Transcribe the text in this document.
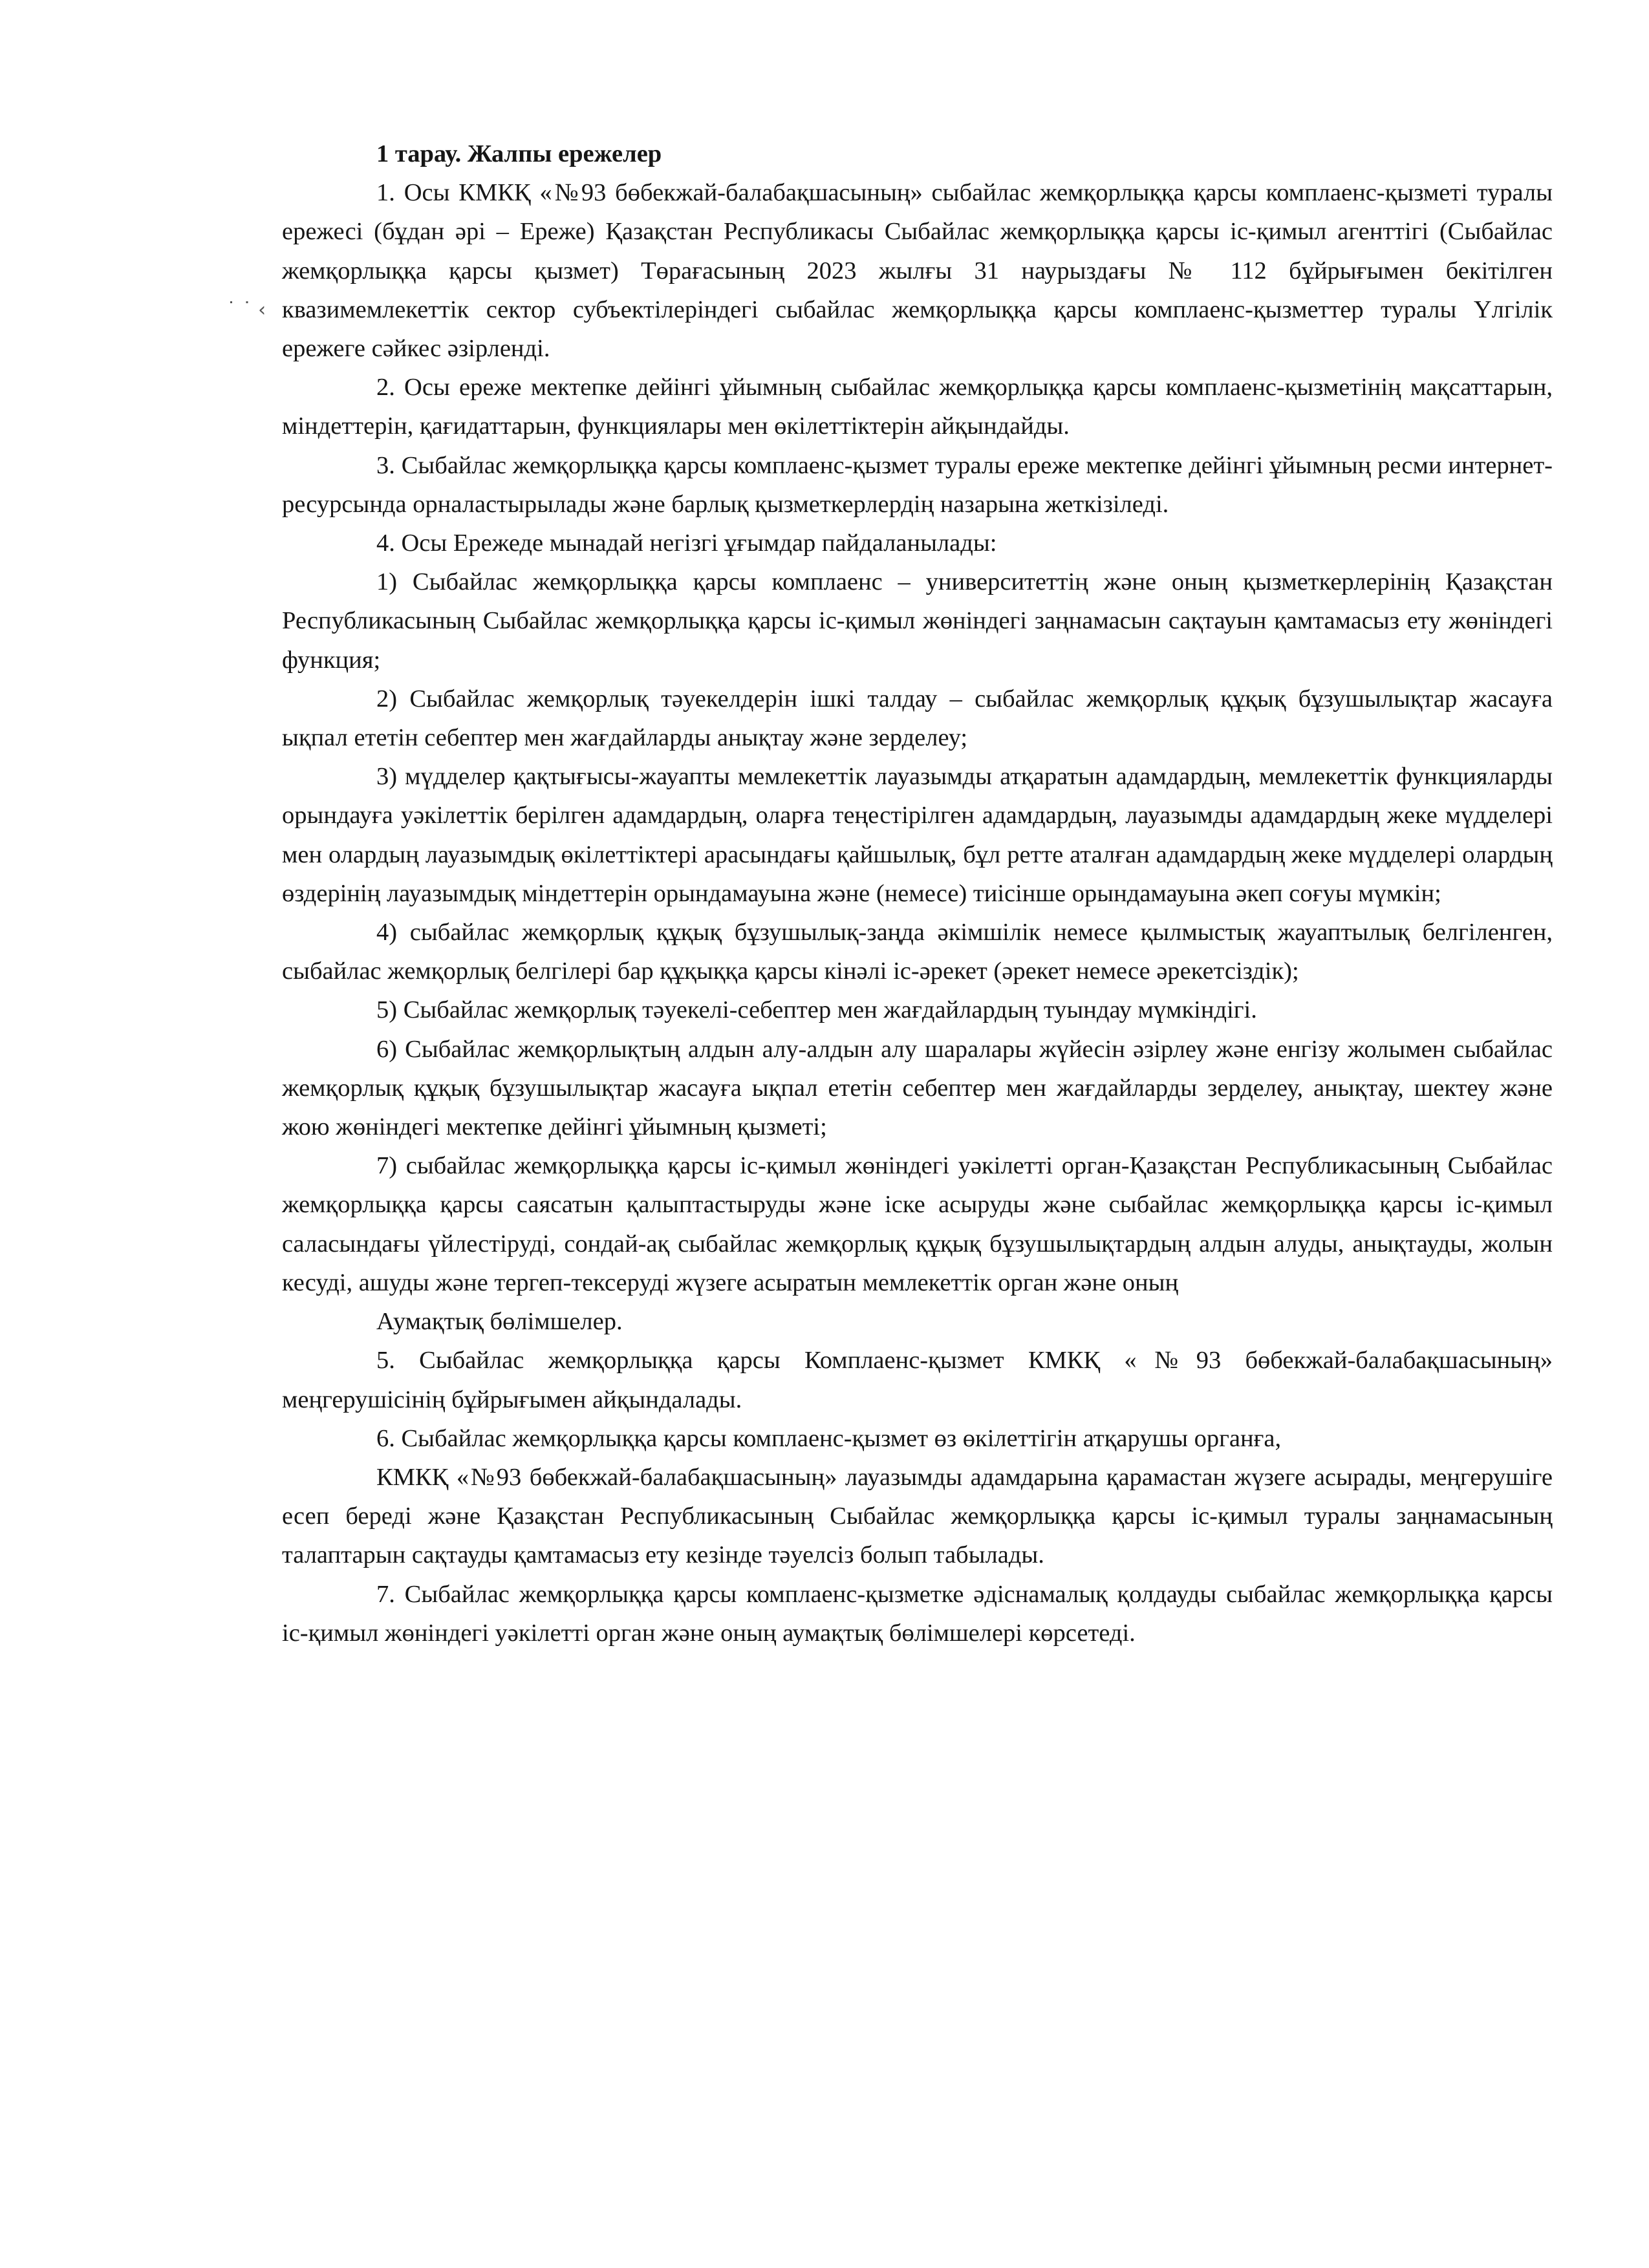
˙ ˙ ‹

1 тарау. Жалпы ережелер

1. Осы КМКҚ «№93 бөбекжай-балабақшасының» сыбайлас жемқорлыққа қарсы комплаенс-қызметі туралы ережесі (бұдан әрі – Ереже) Қазақстан Республикасы Сыбайлас жемқорлыққа қарсы іс-қимыл агенттігі (Сыбайлас жемқорлыққа қарсы қызмет) Төрағасының 2023 жылғы 31 наурыздағы № 112 бұйрығымен бекітілген квазимемлекеттік сектор субъектілеріндегі сыбайлас жемқорлыққа қарсы комплаенс-қызметтер туралы Үлгілік ережеге сәйкес әзірленді.

2. Осы ереже мектепке дейінгі ұйымның сыбайлас жемқорлыққа қарсы комплаенс-қызметінің мақсаттарын, міндеттерін, қағидаттарын, функциялары мен өкілеттіктерін айқындайды.

3. Сыбайлас жемқорлыққа қарсы комплаенс-қызмет туралы ереже мектепке дейінгі ұйымның ресми интернет-ресурсында орналастырылады және барлық қызметкерлердің назарына жеткізіледі.

4. Осы Ережеде мынадай негізгі ұғымдар пайдаланылады:

1) Сыбайлас жемқорлыққа қарсы комплаенс – университеттің және оның қызметкерлерінің Қазақстан Республикасының Сыбайлас жемқорлыққа қарсы іс-қимыл жөніндегі заңнамасын сақтауын қамтамасыз ету жөніндегі функция;

2) Сыбайлас жемқорлық тәуекелдерін ішкі талдау – сыбайлас жемқорлық құқық бұзушылықтар жасауға ықпал ететін себептер мен жағдайларды анықтау және зерделеу;

3) мүдделер қақтығысы-жауапты мемлекеттік лауазымды атқаратын адамдардың, мемлекеттік функцияларды орындауға уәкілеттік берілген адамдардың, оларға теңестірілген адамдардың, лауазымды адамдардың жеке мүдделері мен олардың лауазымдық өкілеттіктері арасындағы қайшылық, бұл ретте аталған адамдардың жеке мүдделері олардың өздерінің лауазымдық міндеттерін орындамауына және (немесе) тиісінше орындамауына әкеп соғуы мүмкін;

4) сыбайлас жемқорлық құқық бұзушылық-заңда әкімшілік немесе қылмыстық жауаптылық белгіленген, сыбайлас жемқорлық белгілері бар құқыққа қарсы кінәлі іс-әрекет (әрекет немесе әрекетсіздік);

5) Сыбайлас жемқорлық тәуекелі-себептер мен жағдайлардың туындау мүмкіндігі.

6) Сыбайлас жемқорлықтың алдын алу-алдын алу шаралары жүйесін әзірлеу және енгізу жолымен сыбайлас жемқорлық құқық бұзушылықтар жасауға ықпал ететін себептер мен жағдайларды зерделеу, анықтау, шектеу және жою жөніндегі мектепке дейінгі ұйымның қызметі;

7) сыбайлас жемқорлыққа қарсы іс-қимыл жөніндегі уәкілетті орган-Қазақстан Республикасының Сыбайлас жемқорлыққа қарсы саясатын қалыптастыруды және іске асыруды және сыбайлас жемқорлыққа қарсы іс-қимыл саласындағы үйлестіруді, сондай-ақ сыбайлас жемқорлық құқық бұзушылықтардың алдын алуды, анықтауды, жолын кесуді, ашуды және тергеп-тексеруді жүзеге асыратын мемлекеттік орган және оның

Аумақтық бөлімшелер.

5. Сыбайлас жемқорлыққа қарсы Комплаенс-қызмет КМКҚ «№93 бөбекжай-балабақшасының» меңгерушісінің бұйрығымен айқындалады.

6. Сыбайлас жемқорлыққа қарсы комплаенс-қызмет өз өкілеттігін атқарушы органға,

КМКҚ «№93 бөбекжай-балабақшасының» лауазымды адамдарына қарамастан жүзеге асырады, меңгерушіге есеп береді және Қазақстан Республикасының Сыбайлас жемқорлыққа қарсы іс-қимыл туралы заңнамасының талаптарын сақтауды қамтамасыз ету кезінде тәуелсіз болып табылады.

7. Сыбайлас жемқорлыққа қарсы комплаенс-қызметке әдіснамалық қолдауды сыбайлас жемқорлыққа қарсы іс-қимыл жөніндегі уәкілетті орган және оның аумақтық бөлімшелері көрсетеді.
